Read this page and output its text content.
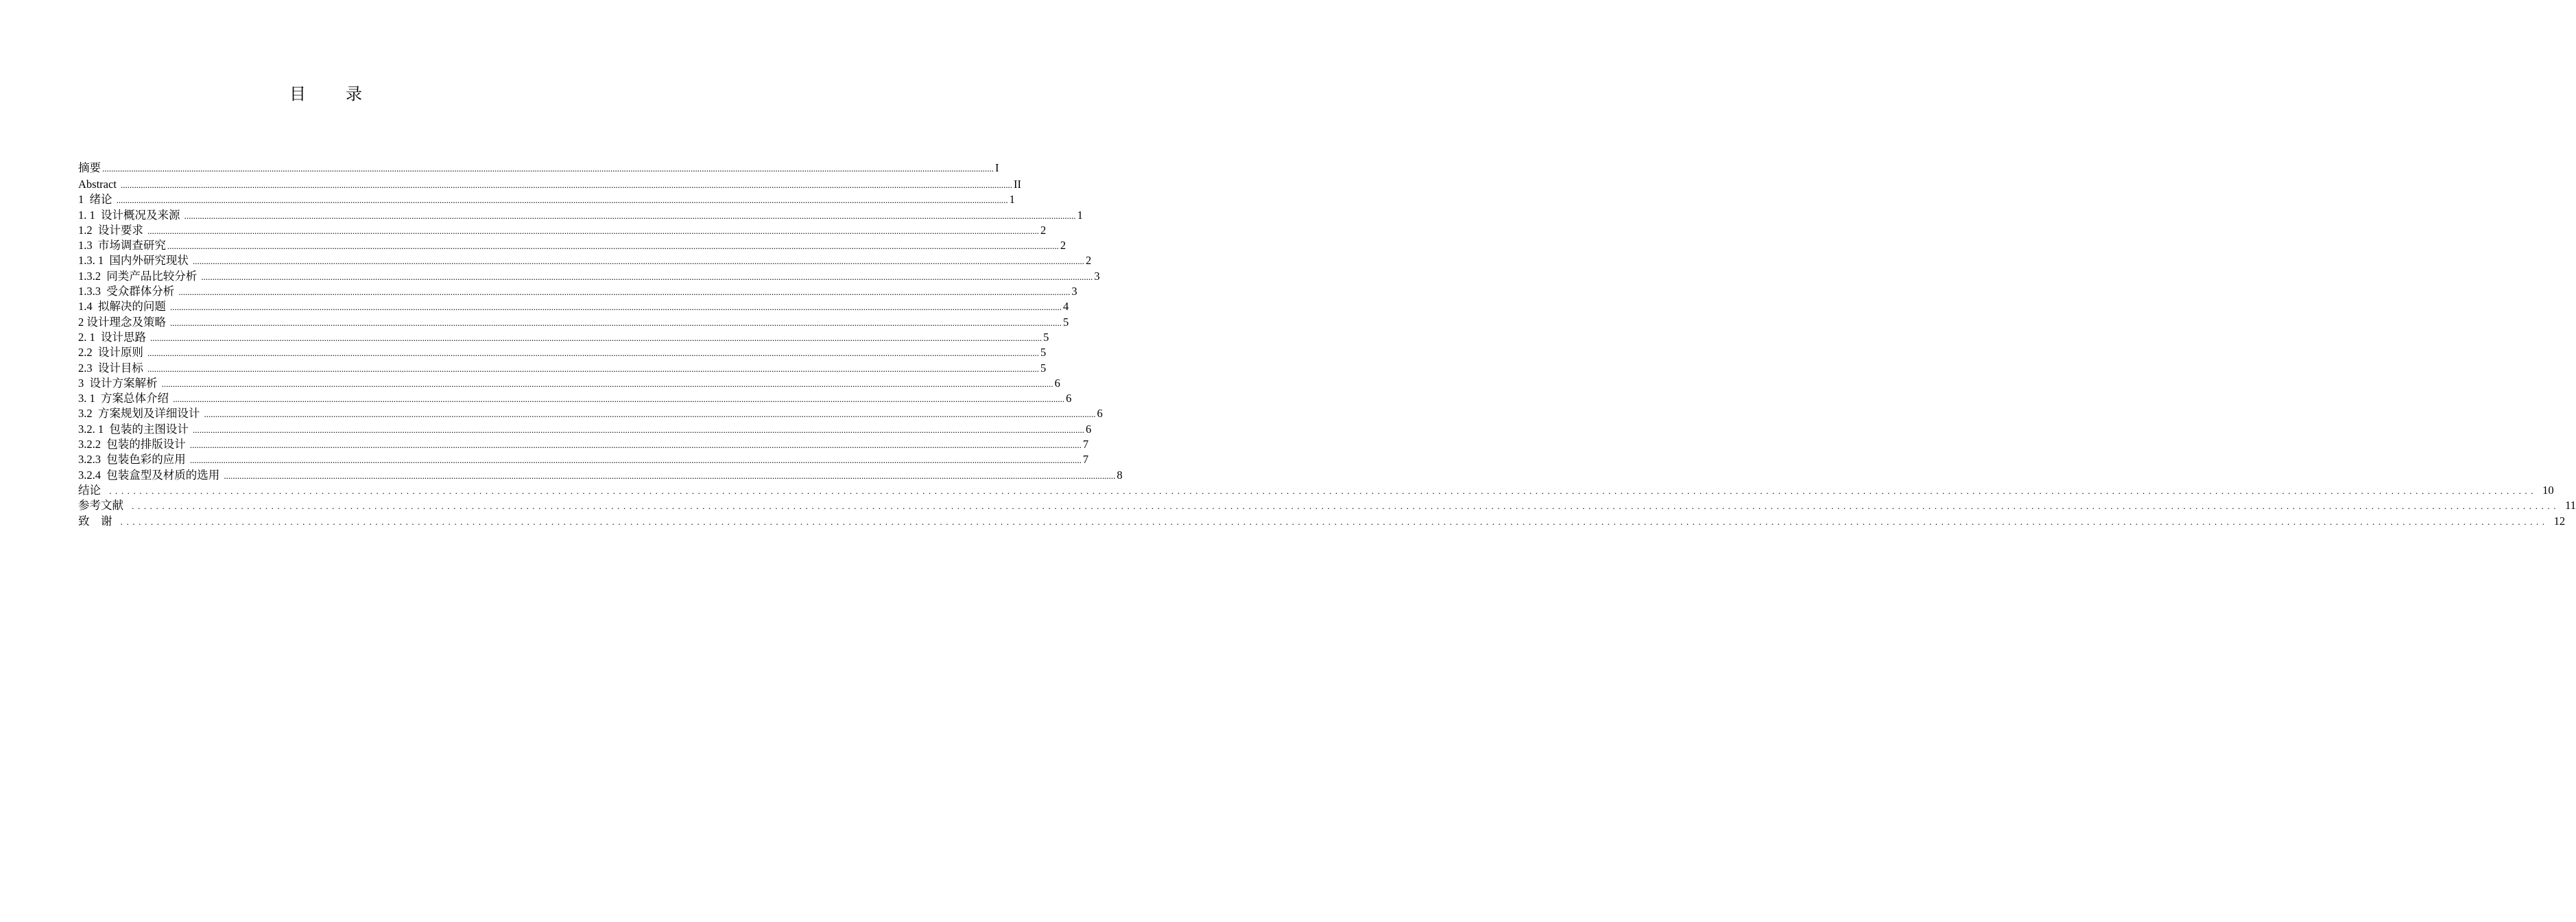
目 录
摘要 ................................................................................................................................................................................................................................................................................................................................................................................................................ I
Abstract ................................................................................................................................................................................................................................................................................................................................................................................................................ II
1  绪论 ................................................................................................................................................................................................................................................................................................................................................................................................................ 1
1. 1  设计概况及来源 ................................................................................................................................................................................................................................................................................................................................................................................................................ 1
1.2  设计要求 ................................................................................................................................................................................................................................................................................................................................................................................................................ 2
1.3  市场调查研究 ................................................................................................................................................................................................................................................................................................................................................................................................................ 2
1.3. 1  国内外研究现状 ................................................................................................................................................................................................................................................................................................................................................................................................................ 2
1.3.2  同类产品比较分析 ................................................................................................................................................................................................................................................................................................................................................................................................................ 3
1.3.3  受众群体分析 ................................................................................................................................................................................................................................................................................................................................................................................................................ 3
1.4  拟解决的问题 ................................................................................................................................................................................................................................................................................................................................................................................................................ 4
2 设计理念及策略 ................................................................................................................................................................................................................................................................................................................................................................................................................ 5
2. 1  设计思路 ................................................................................................................................................................................................................................................................................................................................................................................................................ 5
2.2  设计原则 ................................................................................................................................................................................................................................................................................................................................................................................................................ 5
2.3  设计目标 ................................................................................................................................................................................................................................................................................................................................................................................................................ 5
3  设计方案解析 ................................................................................................................................................................................................................................................................................................................................................................................................................ 6
3. 1  方案总体介绍 ................................................................................................................................................................................................................................................................................................................................................................................................................ 6
3.2  方案规划及详细设计 ................................................................................................................................................................................................................................................................................................................................................................................................................ 6
3.2. 1  包装的主图设计 ................................................................................................................................................................................................................................................................................................................................................................................................................ 6
3.2.2  包装的排版设计 ................................................................................................................................................................................................................................................................................................................................................................................................................ 7
3.2.3  包装色彩的应用 ................................................................................................................................................................................................................................................................................................................................................................................................................ 7
3.2.4  包装盒型及材质的选用 ................................................................................................................................................................................................................................................................................................................................................................................................................ 8
结论 ................................................................................................................................................................................................................................................................................................................................................................................................................ 10
参考文献 ................................................................................................................................................................................................................................................................................................................................................................................................................ 11
致    谢 ................................................................................................................................................................................................................................................................................................................................................................................................................ 12
